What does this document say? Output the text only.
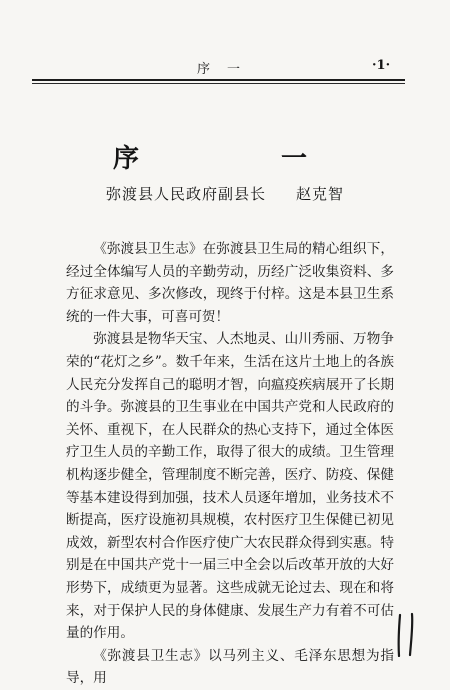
序　一	·1·
序　　一
弥渡县人民政府副县长 赵克智

《弥渡县卫生志》在弥渡县卫生局的精心组织下，经过全体编写人员的辛勤劳动，历经广泛收集资料、多方征求意见、多次修改，现终于付梓。这是本县卫生系统的一件大事，可喜可贺！

弥渡县是物华天宝、人杰地灵、山川秀丽、万物争荣的“花灯之乡”。数千年来，生活在这片土地上的各族人民充分发挥自己的聪明才智，向瘟疫疾病展开了长期的斗争。弥渡县的卫生事业在中国共产党和人民政府的关怀、重视下，在人民群众的热心支持下，通过全体医疗卫生人员的辛勤工作，取得了很大的成绩。卫生管理机构逐步健全，管理制度不断完善，医疗、防疫、保健等基本建设得到加强，技术人员逐年增加，业务技术不断提高，医疗设施初具规模，农村医疗卫生保健已初见成效，新型农村合作医疗使广大农民群众得到实惠。特别是在中国共产党十一届三中全会以后改革开放的大好形势下，成绩更为显著。这些成就无论过去、现在和将来，对于保护人民的身体健康、发展生产力有着不可估量的作用。

《弥渡县卫生志》以马列主义、毛泽东思想为指导，用
